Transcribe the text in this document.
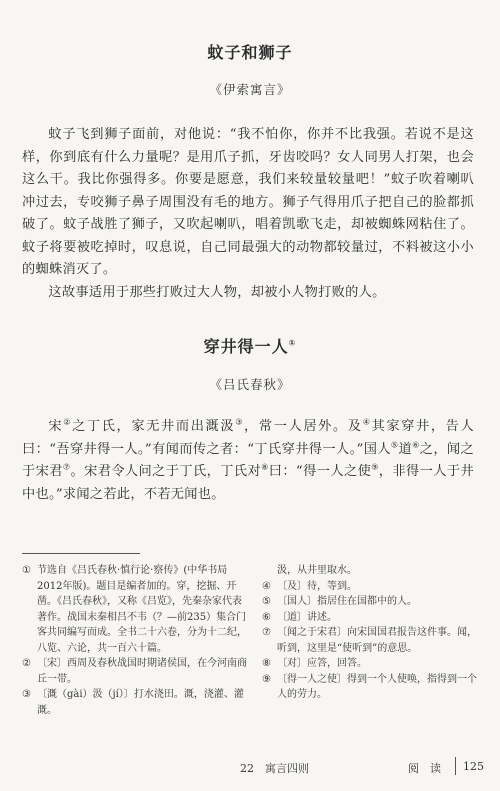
蚊子和狮子
《伊索寓言》

蚊子飞到狮子面前，对他说：“我不怕你，你并不比我强。若说不是这样，你到底有什么力量呢？是用爪子抓，牙齿咬吗？女人同男人打架，也会这么干。我比你强得多。你要是愿意，我们来较量较量吧！”蚊子吹着喇叭冲过去，专咬狮子鼻子周围没有毛的地方。狮子气得用爪子把自己的脸都抓破了。蚊子战胜了狮子，又吹起喇叭，唱着凯歌飞走，却被蜘蛛网粘住了。蚊子将要被吃掉时，叹息说，自己同最强大的动物都较量过，不料被这小小的蜘蛛消灭了。

这故事适用于那些打败过大人物，却被小人物打败的人。

穿井得一人①
《吕氏春秋》

宋②之丁氏，家无井而出溉汲③，常一人居外。及④其家穿井，告人曰：“吾穿井得一人。”有闻而传之者：“丁氏穿井得一人。”国人⑤道⑥之，闻之于宋君⑦。宋君令人问之于丁氏，丁氏对⑧曰：“得一人之使⑨，非得一人于井中也。”求闻之若此，不若无闻也。

① 节选自《吕氏春秋·慎行论·察传》(中华书局2012年版)。题目是编者加的。穿，挖掘、开凿。《吕氏春秋》，又称《吕览》，先秦杂家代表著作。战国末秦相吕不韦（？—前235）集合门客共同编写而成。全书二十六卷，分为十二纪，八览、六论，共一百六十篇。
② 〔宋〕西周及春秋战国时期诸侯国，在今河南商丘一带。
③ 〔溉（gài）汲（jí）〕打水浇田。溉，浇灌、灌溉。
汲，从井里取水。
④ 〔及〕待，等到。
⑤ 〔国人〕指居住在国都中的人。
⑥ 〔道〕讲述。
⑦ 〔闻之于宋君〕向宋国国君报告这件事。闻，听到，这里是“使听到”的意思。
⑧ 〔对〕应答，回答。
⑨ 〔得一人之使〕得到一个人使唤，指得到一个人的劳力。
22　寓言四则	阅　读 125
